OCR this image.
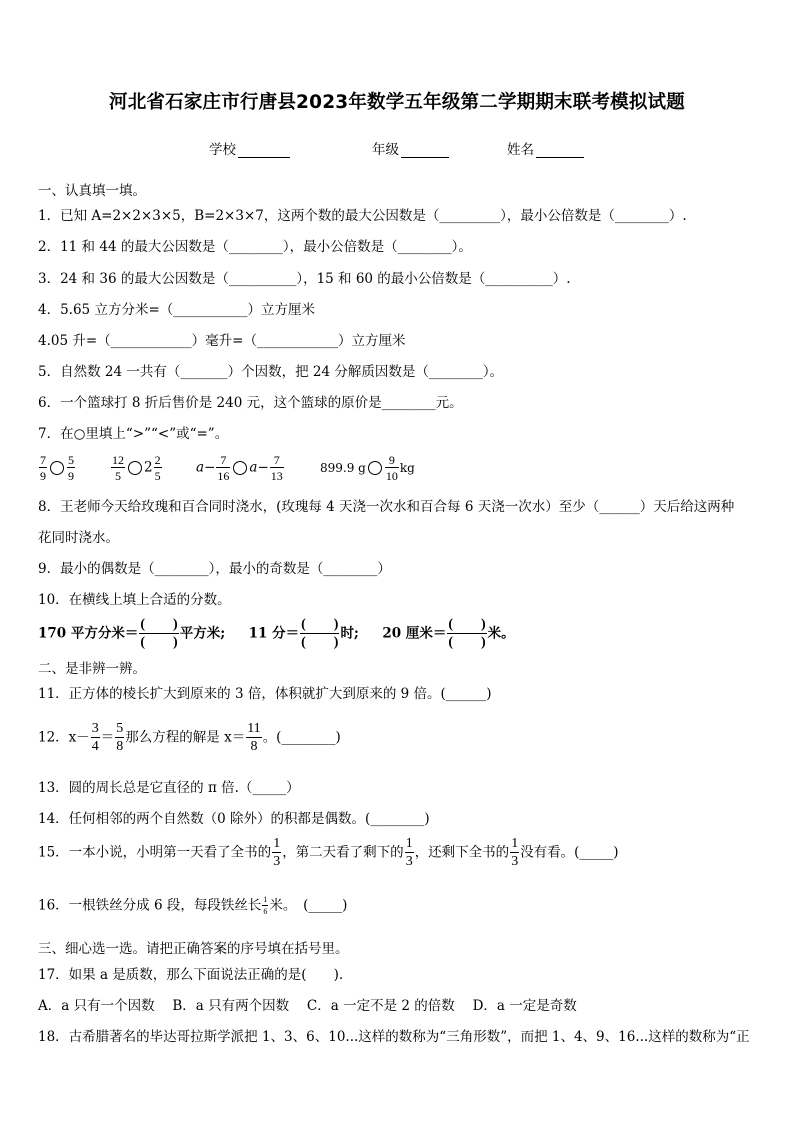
河北省石家庄市行唐县2023年数学五年级第二学期期末联考模拟试题
学校	年级	姓名
一、认真填一填。
1．已知 A=2×2×3×5，B=2×3×7，这两个数的最大公因数是（_________），最小公倍数是（________）.
2．11 和 44 的最大公因数是（________），最小公倍数是（________）。
3．24 和 36 的最大公因数是（__________），15 和 60 的最小公倍数是（__________）.
4．5.65 立方分米=（___________）立方厘米
4.05 升=（____________）毫升=（____________）立方厘米
5．自然数 24 一共有（_______）个因数，把 24 分解质因数是（________）。
6．一个篮球打 8 折后售价是 240 元，这个篮球的原价是________元。
7．在○里填上“>”“<”或“=”。
$\frac{7}{9} \frac{5}{9}$	$\frac{12}{5} 2 \frac{2}{5}$	$a- \frac{7}{16} a- \frac{7}{13}$	899.9 g $\frac{9}{10}$ kg
8．王老师今天给玫瑰和百合同时浇水，(玫瑰每 4 天浇一次水和百合每 6 天浇一次水）至少（______）天后给这两种
花同时浇水。
9．最小的偶数是（________），最小的奇数是（________）
10．在横线上填上合适的分数。
170 平方分米＝ $\frac{( )}{( )}$ 平方米; 11 分＝ $\frac{( )}{( )}$ 时; 20 厘米＝ $\frac{( )}{( )}$ 米。
二、是非辨一辨。
11．正方体的棱长扩大到原来的 3 倍，体积就扩大到原来的 9 倍。(______)
12．$x- \frac{3}{4} = \frac{5}{8}$ 那么方程的解是 $x= \frac{11}{8}$ 。(________)
13．圆的周长总是它直径的 π 倍.（_____）
14．任何相邻的两个自然数（0 除外）的积都是偶数。(________)
15．一本小说，小明第一天看了全书的 $\frac{1}{3}$ ，第二天看了剩下的 $\frac{1}{3}$ ，还剩下全书的 $\frac{1}{3}$ 没有看。(_____)
16．一根铁丝分成 6 段，每段铁丝长 $\frac{1}{6}$ 米。　(_____)
三、细心选一选。请把正确答案的序号填在括号里。
17．如果 a 是质数，那么下面说法正确的是(　　).
A．a 只有一个因数　 B．a 只有两个因数　 C．a 一定不是 2 的倍数　 D．a 一定是奇数
18．古希腊著名的毕达哥拉斯学派把 1、3、6、10...这样的数称为“三角形数”，而把 1、4、9、16...这样的数称为“正
